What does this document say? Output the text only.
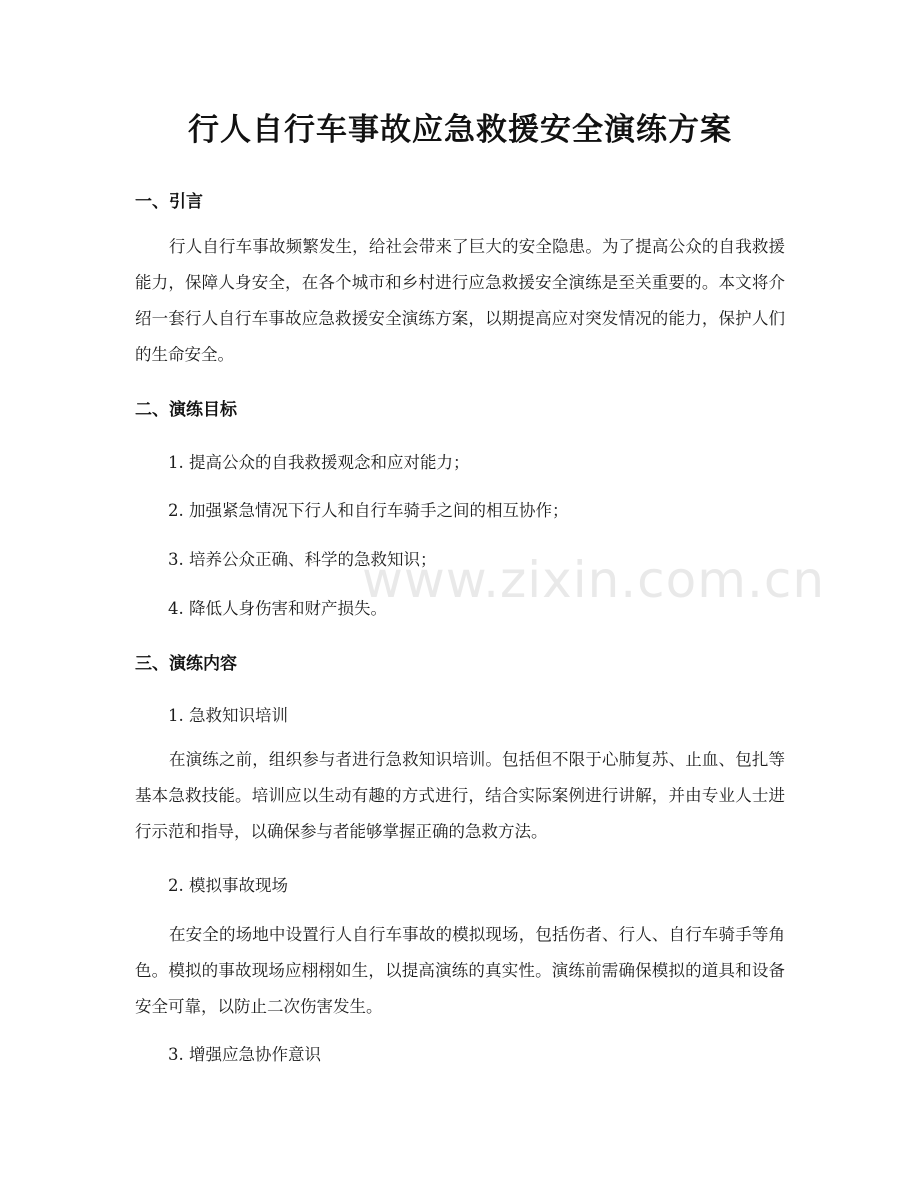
www.zixin.com.cn
行人自行车事故应急救援安全演练方案
一、引言

行人自行车事故频繁发生，给社会带来了巨大的安全隐患。为了提高公众的自我救援能力，保障人身安全，在各个城市和乡村进行应急救援安全演练是至关重要的。本文将介绍一套行人自行车事故应急救援安全演练方案，以期提高应对突发情况的能力，保护人们的生命安全。

二、演练目标
1. 提高公众的自我救援观念和应对能力；
2. 加强紧急情况下行人和自行车骑手之间的相互协作；
3. 培养公众正确、科学的急救知识；
4. 降低人身伤害和财产损失。
三、演练内容
1. 急救知识培训

在演练之前，组织参与者进行急救知识培训。包括但不限于心肺复苏、止血、包扎等基本急救技能。培训应以生动有趣的方式进行，结合实际案例进行讲解，并由专业人士进行示范和指导，以确保参与者能够掌握正确的急救方法。

2. 模拟事故现场

在安全的场地中设置行人自行车事故的模拟现场，包括伤者、行人、自行车骑手等角色。模拟的事故现场应栩栩如生，以提高演练的真实性。演练前需确保模拟的道具和设备安全可靠，以防止二次伤害发生。

3. 增强应急协作意识
